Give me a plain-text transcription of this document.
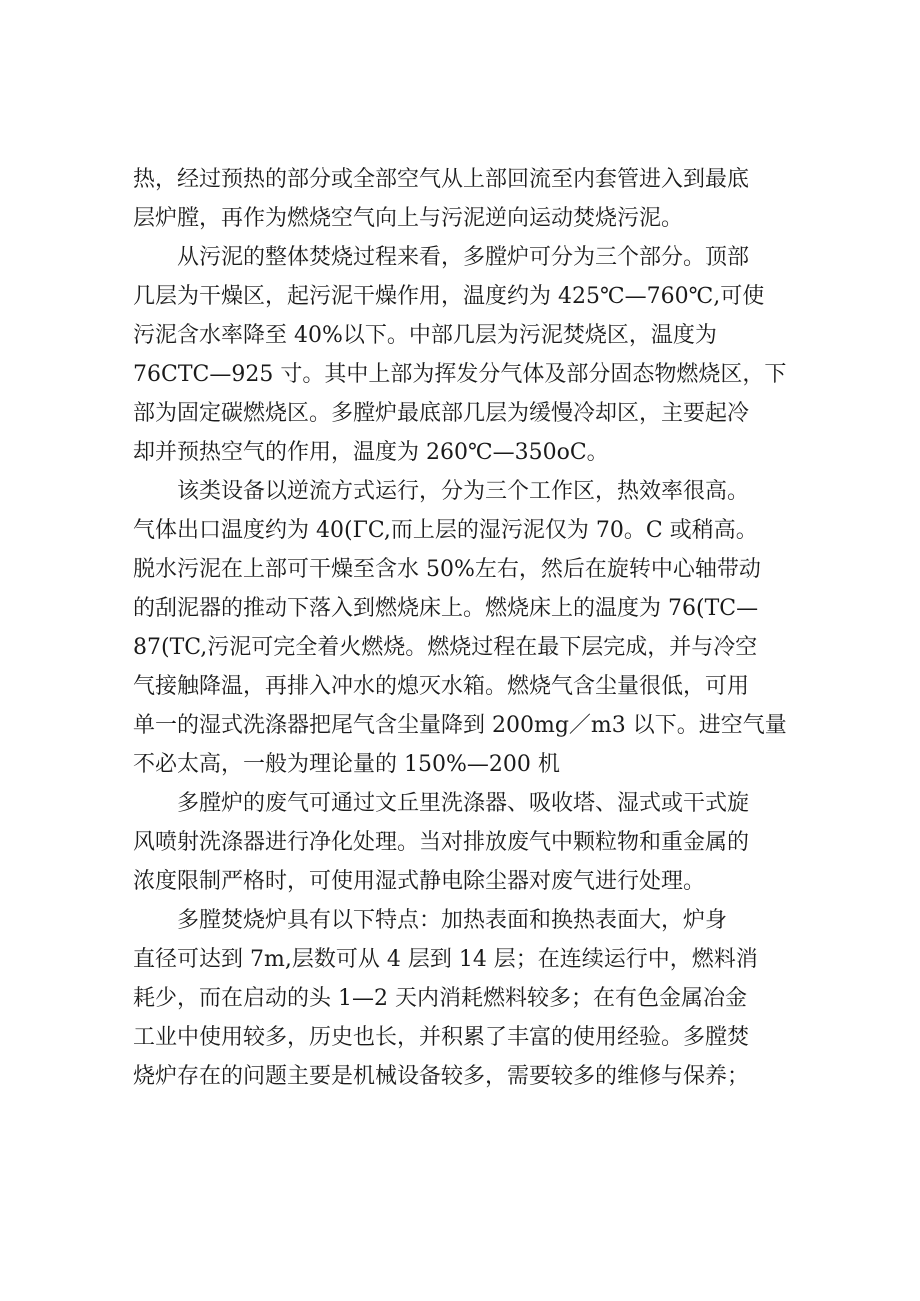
热，经过预热的部分或全部空气从上部回流至内套管进入到最底
层炉膛，再作为燃烧空气向上与污泥逆向运动焚烧污泥。
从污泥的整体焚烧过程来看，多膛炉可分为三个部分。顶部
几层为干燥区，起污泥干燥作用，温度约为 425℃—760℃,可使
污泥含水率降至 40%以下。中部几层为污泥焚烧区，温度为
76CTC—925 寸。其中上部为挥发分气体及部分固态物燃烧区，下
部为固定碳燃烧区。多膛炉最底部几层为缓慢冷却区，主要起冷
却并预热空气的作用，温度为 260℃—350oC。
该类设备以逆流方式运行，分为三个工作区，热效率很高。
气体出口温度约为 40(ΓC,而上层的湿污泥仅为 70。C 或稍高。
脱水污泥在上部可干燥至含水 50%左右，然后在旋转中心轴带动
的刮泥器的推动下落入到燃烧床上。燃烧床上的温度为 76(TC—
87(TC,污泥可完全着火燃烧。燃烧过程在最下层完成，并与冷空
气接触降温，再排入冲水的熄灭水箱。燃烧气含尘量很低，可用
单一的湿式洗涤器把尾气含尘量降到 200mg／m3 以下。进空气量
不必太高，一般为理论量的 150%—200 机
多膛炉的废气可通过文丘里洗涤器、吸收塔、湿式或干式旋
风喷射洗涤器进行净化处理。当对排放废气中颗粒物和重金属的
浓度限制严格时，可使用湿式静电除尘器对废气进行处理。
多膛焚烧炉具有以下特点：加热表面和换热表面大，炉身
直径可达到 7m,层数可从 4 层到 14 层；在连续运行中，燃料消
耗少，而在启动的头 1—2 天内消耗燃料较多；在有色金属冶金
工业中使用较多，历史也长，并积累了丰富的使用经验。多膛焚
烧炉存在的问题主要是机械设备较多，需要较多的维修与保养；
